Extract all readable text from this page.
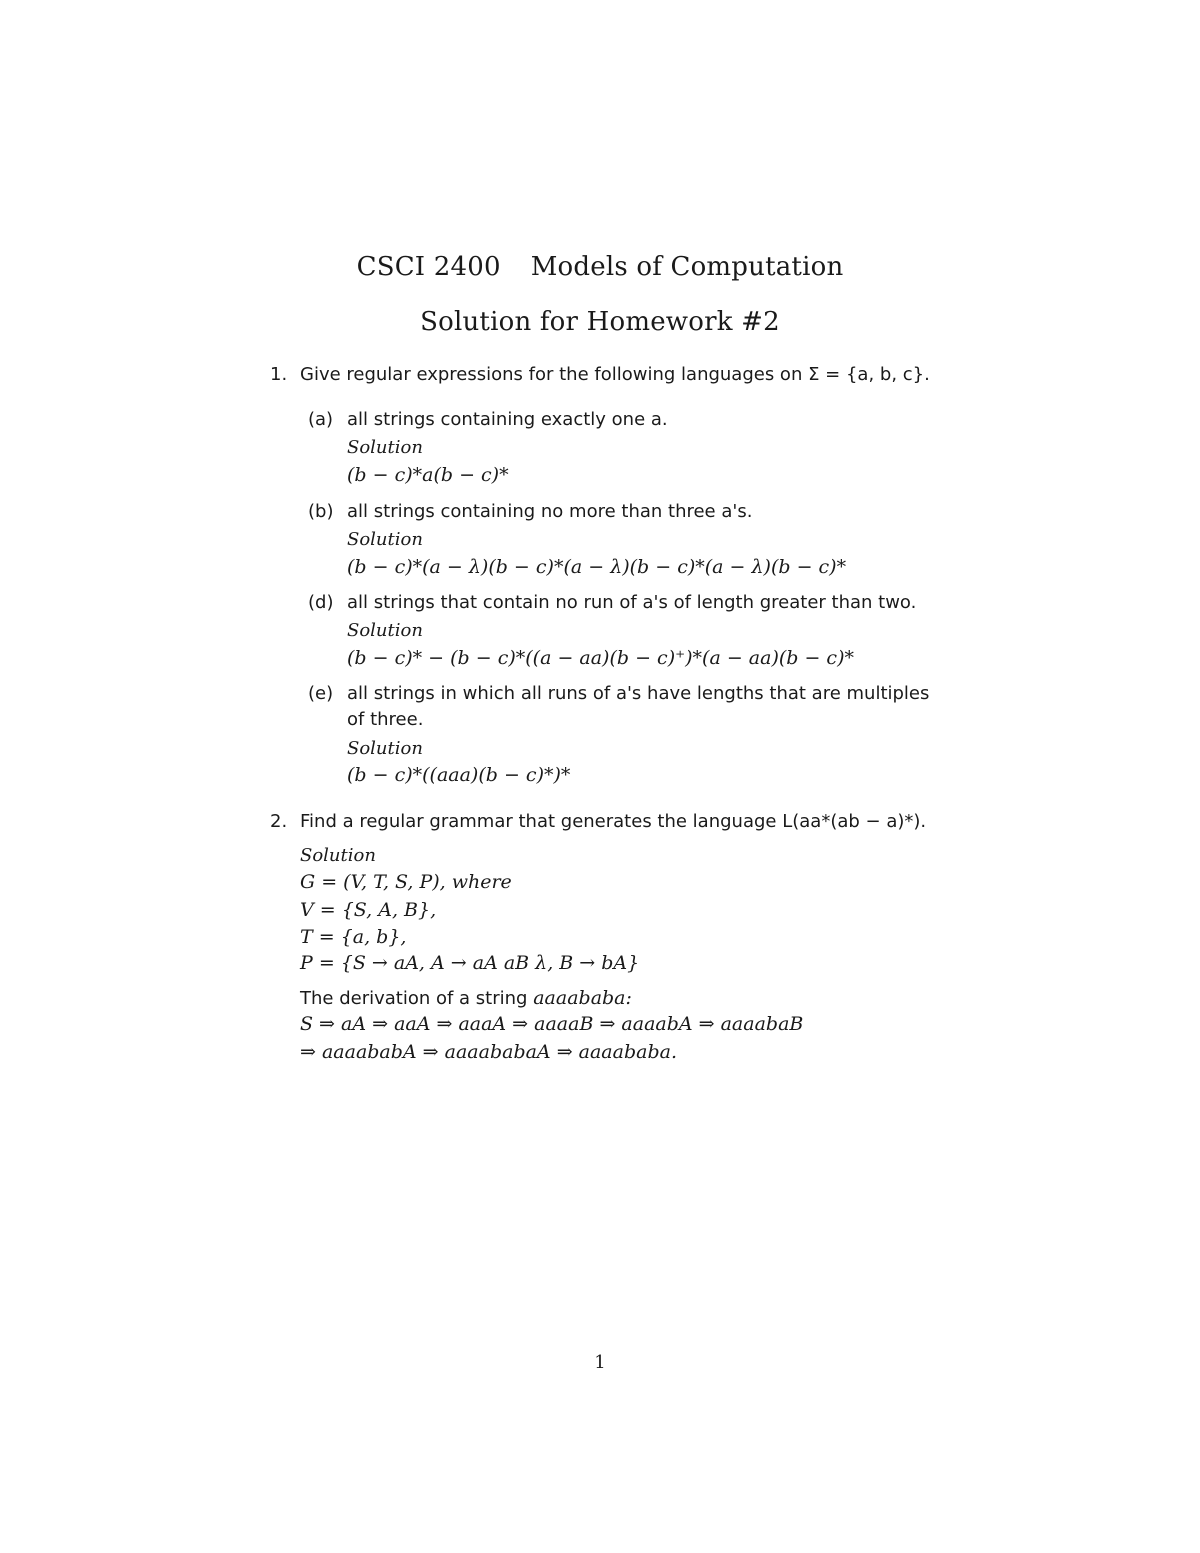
CSCI 2400 Models of Computation
Solution for Homework #2
1. Give regular expressions for the following languages on Σ = {a, b, c}.
(a) all strings containing exactly one a.
Solution
(b − c)*a(b − c)*
(b) all strings containing no more than three a's.
Solution
(b − c)*(a − λ)(b − c)*(a − λ)(b − c)*(a − λ)(b − c)*
(d) all strings that contain no run of a's of length greater than two.
Solution
(b − c)* − (b − c)*((a − aa)(b − c)⁺)*(a − aa)(b − c)*
(e) all strings in which all runs of a's have lengths that are multiples
of three.
Solution
(b − c)*((aaa)(b − c)*)*
2. Find a regular grammar that generates the language L(aa*(ab − a)*).
Solution
G = (V, T, S, P), where
V = {S, A, B},
T = {a, b},
P = {S → aA, A → aA aB λ, B → bA}
The derivation of a string aaaababa:
S ⇒ aA ⇒ aaA ⇒ aaaA ⇒ aaaaB ⇒ aaaabA ⇒ aaaabaB
⇒ aaaababA ⇒ aaaababaA ⇒ aaaababa.
1
